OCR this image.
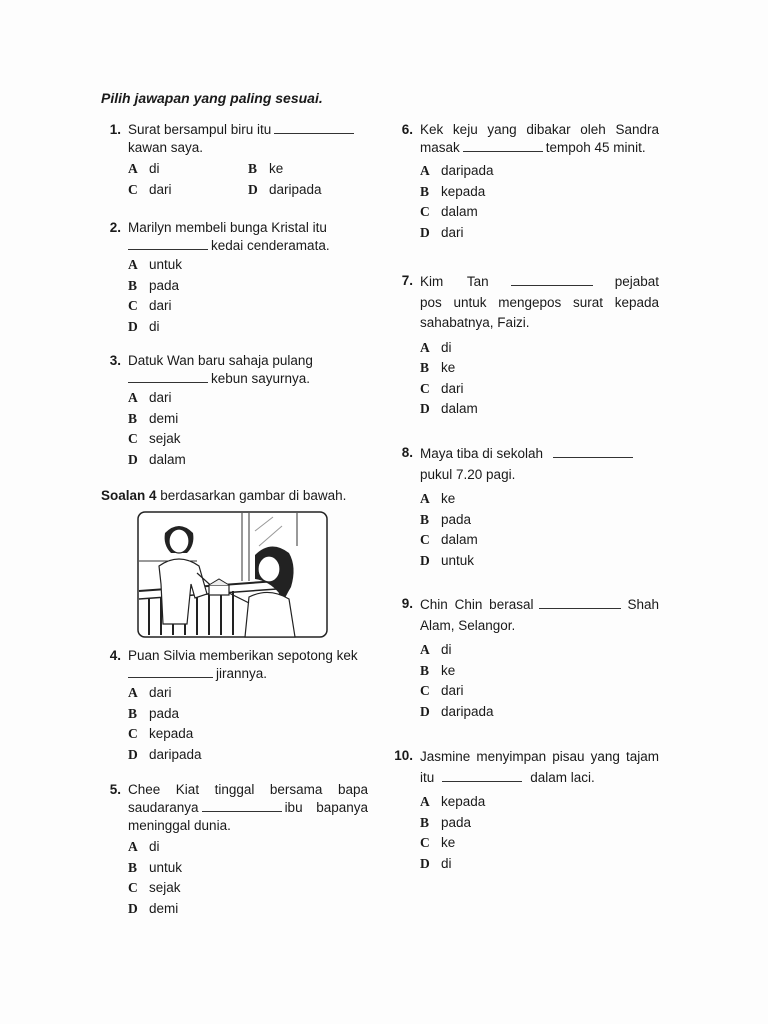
Pilih jawapan yang paling sesuai.
1. Surat bersampul biru itu
kawan saya.
A di	B ke
C dari	D daripada
2. Marilyn membeli bunga Kristal itu
kedai cenderamata.
A untuk
B pada
C dari
D di
3. Datuk Wan baru sahaja pulang
kebun sayurnya.
A dari
B demi
C sejak
D dalam
Soalan 4 berdasarkan gambar di bawah.
4. Puan Silvia memberikan sepotong kek
jirannya.
A dari
B pada
C kepada
D daripada
5. Chee Kiat tinggal bersama bapa saudaranya	ibu bapanya meninggal dunia.
A di
B untuk
C sejak
D demi
6. Kek keju yang dibakar oleh Sandra masak	tempoh 45 minit.
A daripada
B kepada
C dalam
D dari
7. Kim Tan	pejabat pos untuk mengepos surat kepada sahabatnya, Faizi.
A di
B ke
C dari
D dalam
8. Maya tiba di sekolah
pukul 7.20 pagi.
A ke
B pada
C dalam
D untuk
9. Chin Chin berasal	Shah Alam, Selangor.
A di
B ke
C dari
D daripada
10. Jasmine menyimpan pisau yang tajam itu	dalam laci.
A kepada
B pada
C ke
D di
